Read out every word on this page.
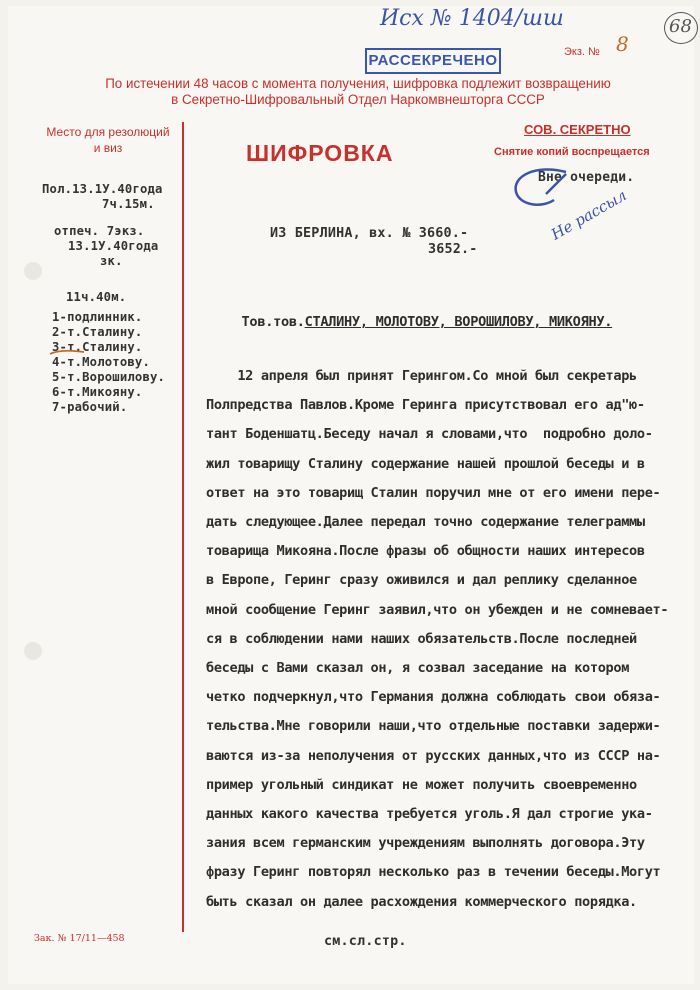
Исх № 1404/шш	68
Экз. № 8
РАССЕКРЕЧЕНО
По истечении 48 часов с момента получения, шифровка подлежит возвращению
в Секретно-Шифровальный Отдел Наркомвнешторга СССР
Место для резолюций
и виз	ШИФРОВКА
СОВ. СЕКРЕТНО
Снятие копий воспрещается
Вне очереди.
Не рассыл
Пол.13.1У.40года
7ч.15м.
отпеч. 7экз.
13.1У.40года
зк.
11ч.40м.
1-подлинник.
2-т.Сталину.
3-т.Сталину.
4-т.Молотову.
5-т.Ворошилову.
6-т.Микояну.
7-рабочий.
ИЗ БЕРЛИНА, вх. № 3660.-
3652.-

Тов.тов.СТАЛИНУ, МОЛОТОВУ, ВОРОШИЛОВУ, МИКОЯНУ.

12 апреля был принят Герингом.Со мной был секретарь
Полпредства Павлов.Кроме Геринга присутствовал его ад"ю-
тант Боденшатц.Беседу начал я словами,что  подробно доло-
жил товарищу Сталину содержание нашей прошлой беседы и в
ответ на это товарищ Сталин поручил мне от его имени пере-
дать следующее.Далее передал точно содержание телеграммы
товарища Микояна.После фразы об общности наших интересов
в Европе, Геринг сразу оживился и дал реплику сделанное
мной сообщение Геринг заявил,что он убежден и не сомневает-
ся в соблюдении нами наших обязательств.После последней
беседы с Вами сказал он, я созвал заседание на котором
четко подчеркнул,что Германия должна соблюдать свои обяза-
тельства.Мне говорили наши,что отдельные поставки задержи-
ваются из-за неполучения от русских данных,что из СССР на-
пример угольный синдикат не может получить своевременно
данных какого качества требуется уголь.Я дал строгие ука-
зания всем германским учреждениям выполнять договора.Эту
фразу Геринг повторял несколько раз в течении беседы.Могут
быть сказал он далее расхождения коммерческого порядка.
см.сл.стр.
Зак. № 17/11—458
